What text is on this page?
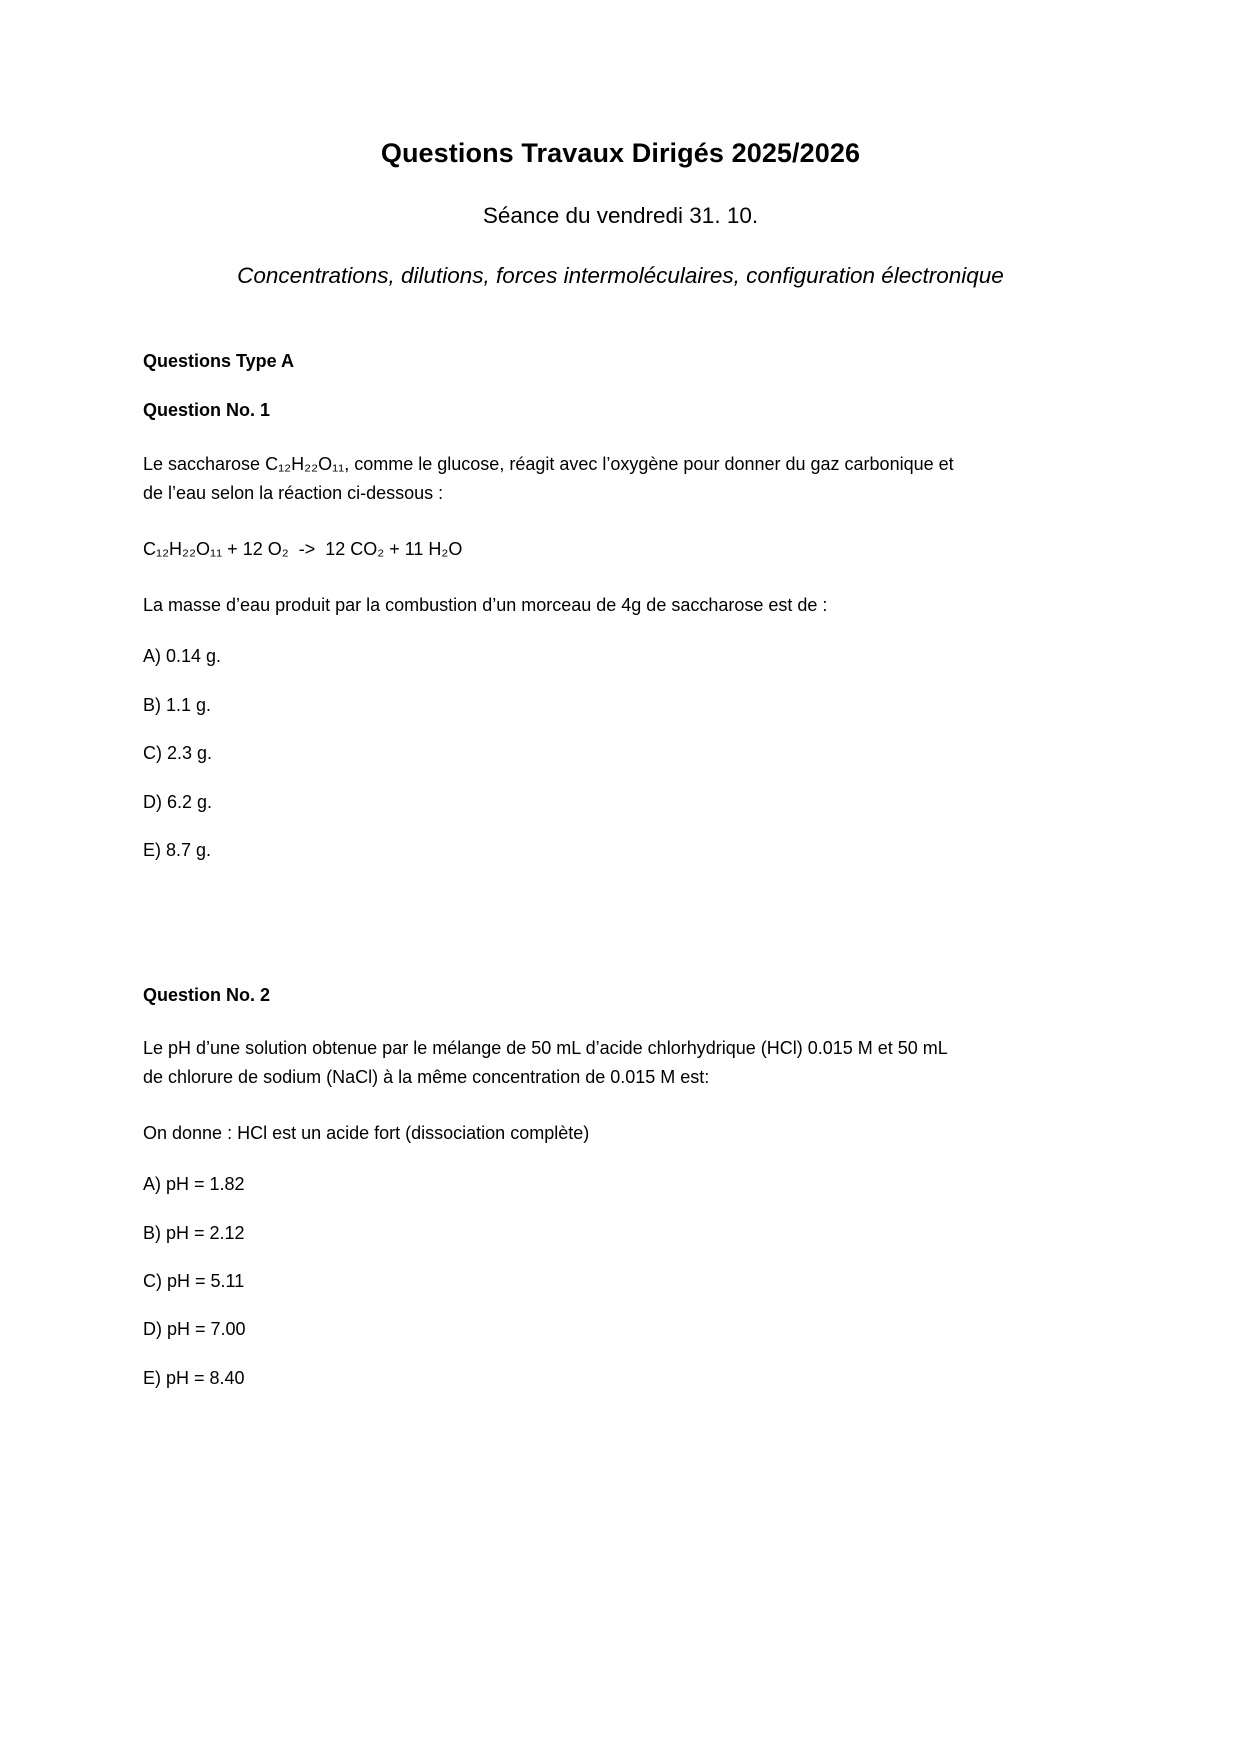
Questions Travaux Dirigés 2025/2026

Séance du vendredi 31. 10.

Concentrations, dilutions, forces intermoléculaires, configuration électronique

Questions Type A

Question No. 1

Le saccharose C₁₂H₂₂O₁₁, comme le glucose, réagit avec l’oxygène pour donner du gaz carbonique et

de l’eau selon la réaction ci-dessous :

C₁₂H₂₂O₁₁ + 12 O₂  ->  12 CO₂ + 11 H₂O

La masse d’eau produit par la combustion d’un morceau de 4g de saccharose est de :

A) 0.14 g.

B) 1.1 g.

C) 2.3 g.

D) 6.2 g.

E) 8.7 g.

Question No. 2

Le pH d’une solution obtenue par le mélange de 50 mL d’acide chlorhydrique (HCl) 0.015 M et 50 mL

de chlorure de sodium (NaCl) à la même concentration de 0.015 M est:

On donne : HCl est un acide fort (dissociation complète)

A) pH = 1.82

B) pH = 2.12

C) pH = 5.11

D) pH = 7.00

E) pH = 8.40
